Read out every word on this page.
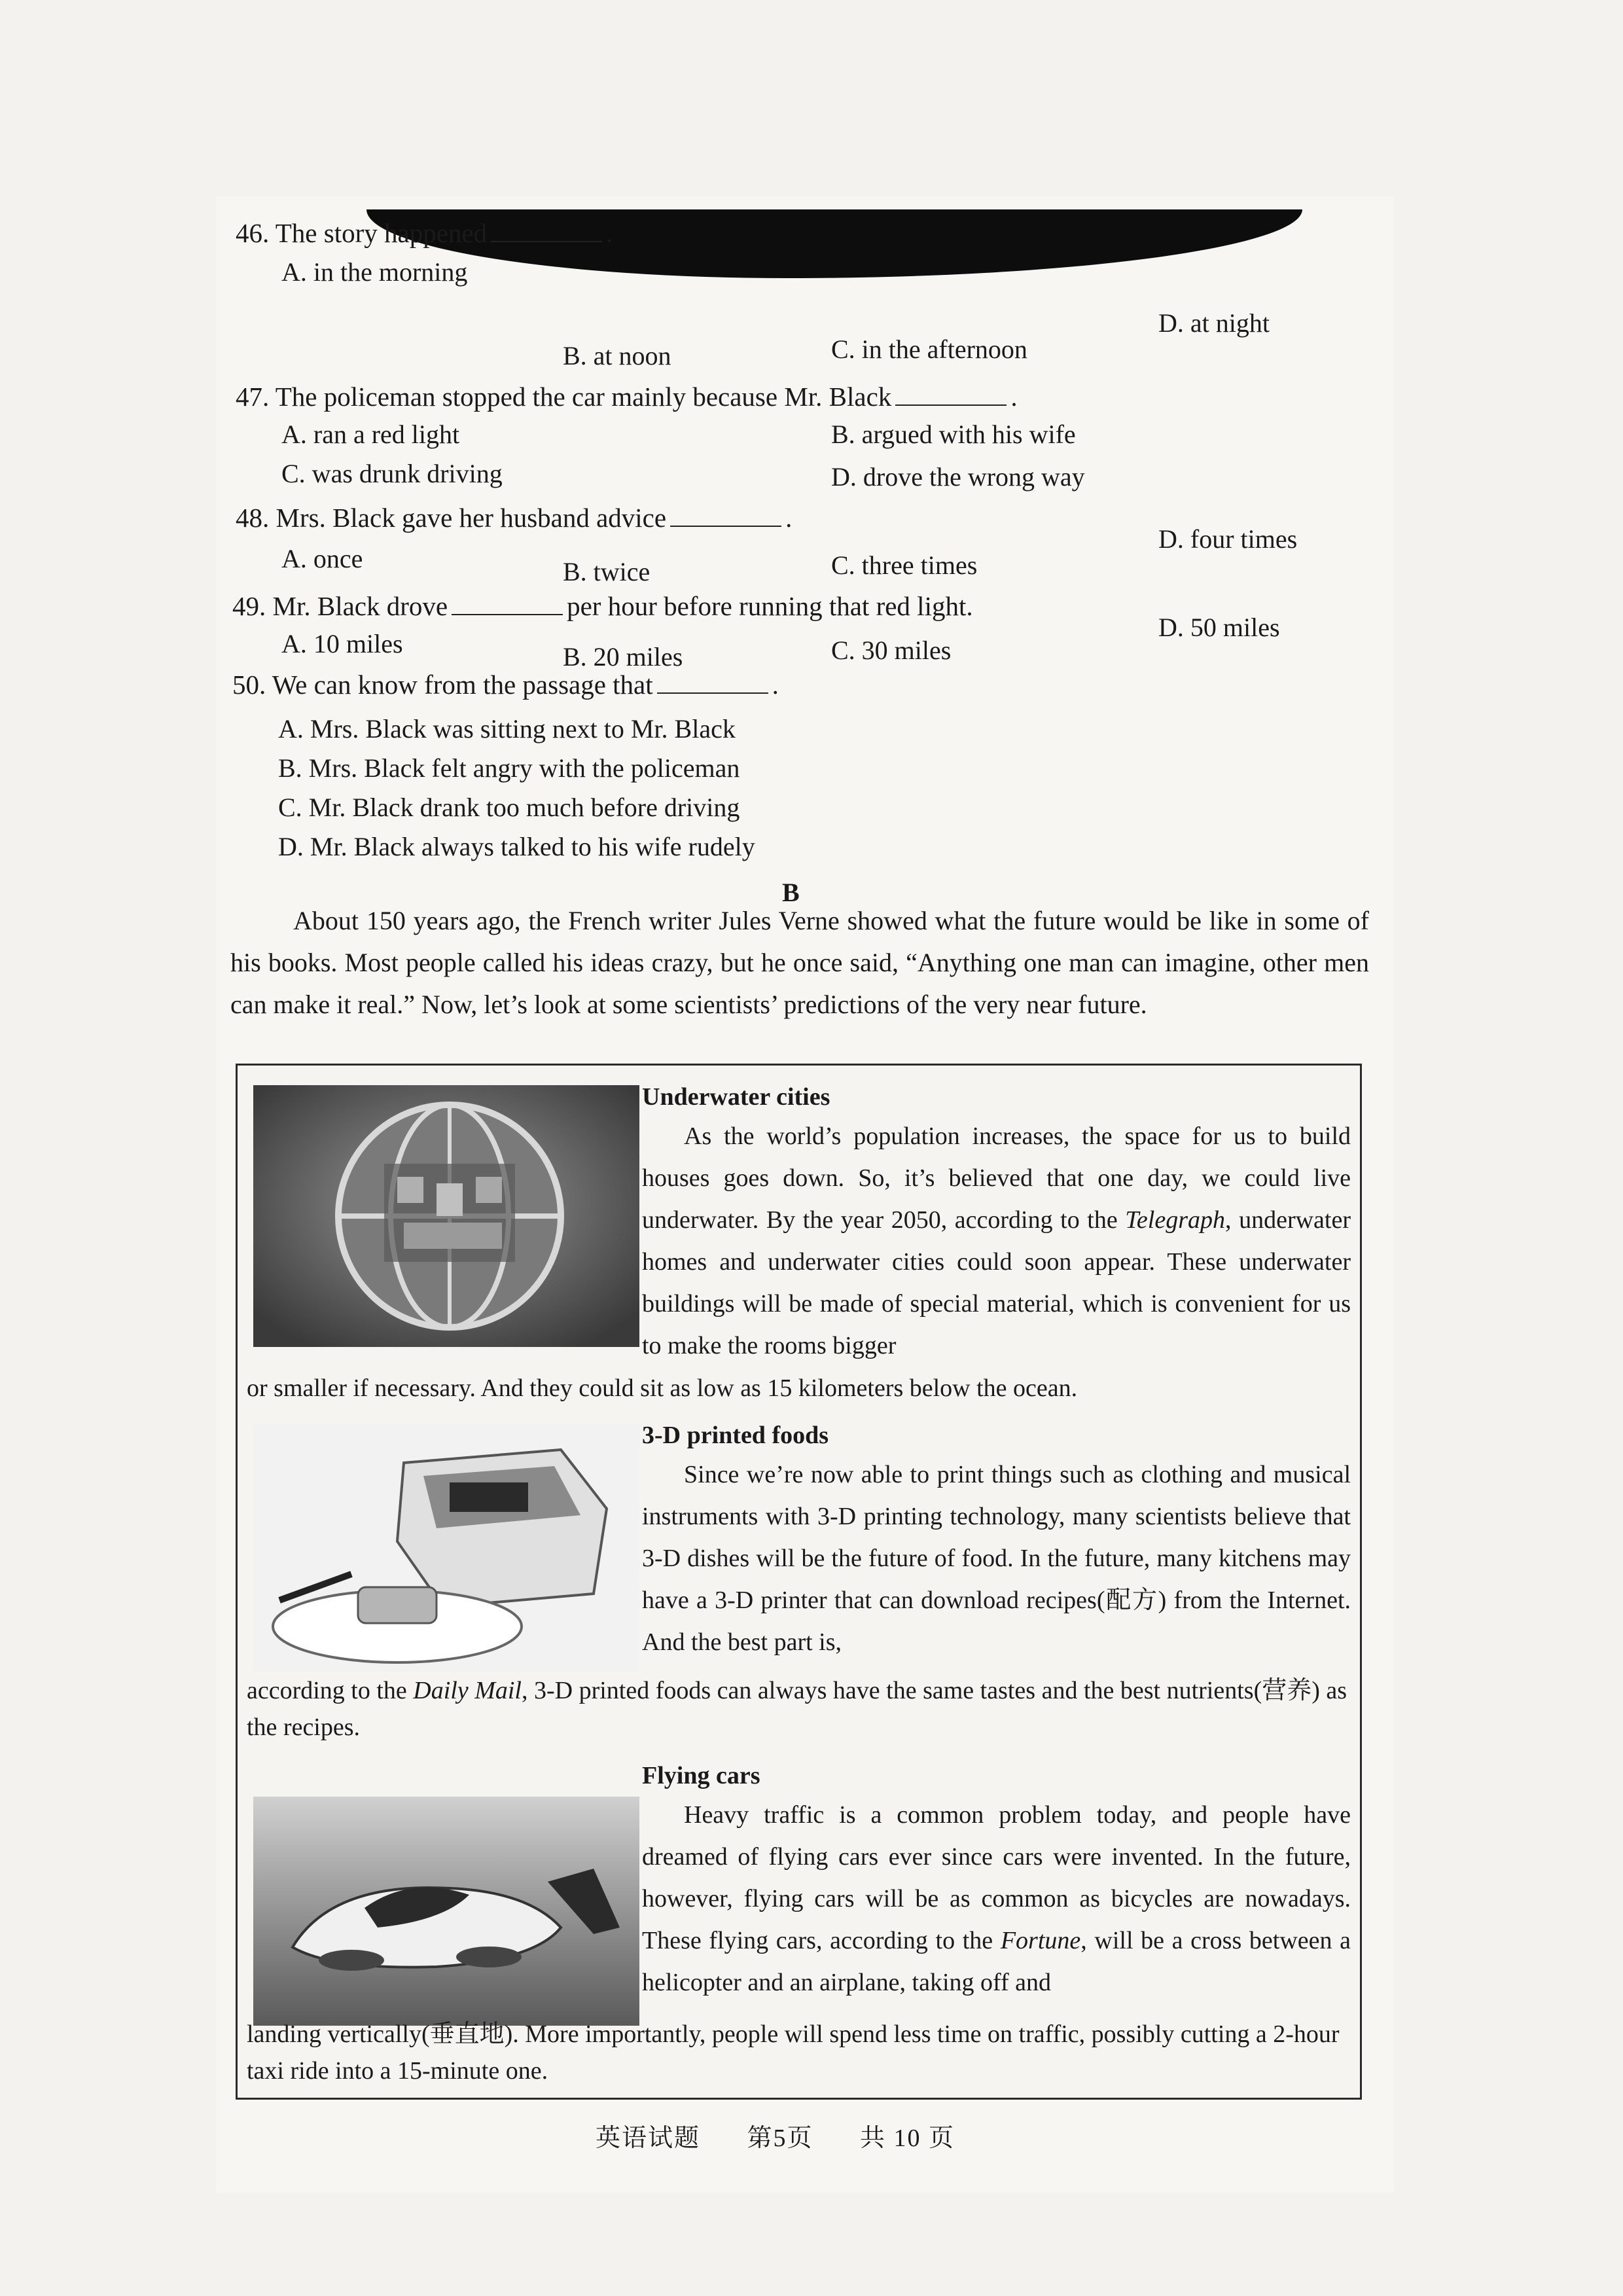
46. The story happened	.
A. in the morning
B. at noon	C. in the afternoon
D. at night
47. The policeman stopped the car mainly because Mr. Black	.
A. ran a red light	B. argued with his wife
C. was drunk driving	D. drove the wrong way
48. Mrs. Black gave her husband advice	.
A. once	B. twice	C. three times
D. four times
49. Mr. Black drove	per hour before running that red light.
A. 10 miles	B. 20 miles	C. 30 miles
D. 50 miles
50. We can know from the passage that	.
A. Mrs. Black was sitting next to Mr. Black
B. Mrs. Black felt angry with the policeman
C. Mr. Black drank too much before driving
D. Mr. Black always talked to his wife rudely
B

About 150 years ago, the French writer Jules Verne showed what the future would be like in some of his books. Most people called his ideas crazy, but he once said, “Anything one man can imagine, other men can make it real.” Now, let’s look at some scientists’ predictions of the very near future.

Underwater cities

As the world’s population increases, the space for us to build houses goes down. So, it’s believed that one day, we could live underwater. By the year 2050, according to the Telegraph, underwater homes and underwater cities could soon appear. These underwater buildings will be made of special material, which is convenient for us to make the rooms bigger

or smaller if necessary. And they could sit as low as 15 kilometers below the ocean.
3-D printed foods

Since we’re now able to print things such as clothing and musical instruments with 3-D printing technology, many scientists believe that 3-D dishes will be the future of food. In the future, many kitchens may have a 3-D printer that can download recipes(配方) from the Internet. And the best part is,

according to the Daily Mail, 3-D printed foods can always have the same tastes and the best nutrients(营养) as the recipes.
Flying cars

Heavy traffic is a common problem today, and people have dreamed of flying cars ever since cars were invented. In the future, however, flying cars will be as common as bicycles are nowadays. These flying cars, according to the Fortune, will be a cross between a helicopter and an airplane, taking off and

landing vertically(垂直地). More importantly, people will spend less time on traffic, possibly cutting a 2-hour taxi ride into a 15-minute one.
英语试题 第5页 共 10 页
